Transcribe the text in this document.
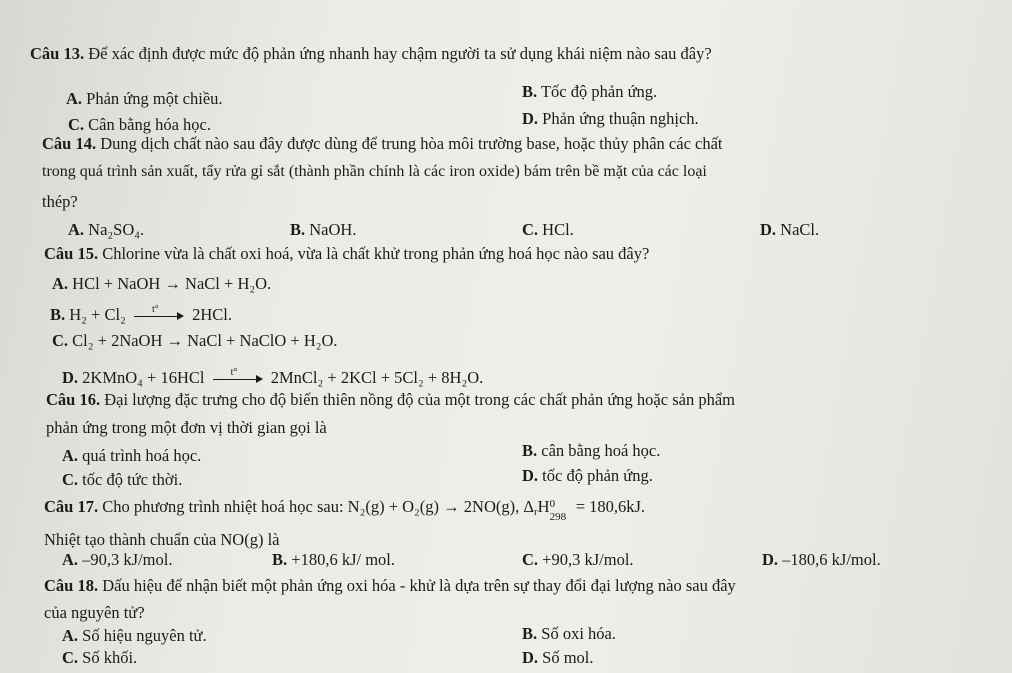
Câu 13. Để xác định được mức độ phản ứng nhanh hay chậm người ta sử dụng khái niệm nào sau đây?
A. Phản ứng một chiều.	B. Tốc độ phản ứng.
C. Cân bằng hóa học.	D. Phản ứng thuận nghịch.
Câu 14. Dung dịch chất nào sau đây được dùng để trung hòa môi trường base, hoặc thủy phân các chất
trong quá trình sản xuất, tẩy rửa gỉ sắt (thành phần chính là các iron oxide) bám trên bề mặt của các loại
thép?
A. Na₂SO₄.	B. NaOH.	C. HCl.	D. NaCl.
Câu 15. Chlorine vừa là chất oxi hoá, vừa là chất khử trong phản ứng hoá học nào sau đây?
A. HCl + NaOH → NaCl + H₂O.
B. H₂ + Cl₂	t° 2HCl.
C. Cl₂ + 2NaOH → NaCl + NaClO + H₂O.
D. 2KMnO₄ + 16HCl	t° 2MnCl₂ + 2KCl + 5Cl₂ + 8H₂O.
Câu 16. Đại lượng đặc trưng cho độ biến thiên nồng độ của một trong các chất phản ứng hoặc sản phẩm
phản ứng trong một đơn vị thời gian gọi là
A. quá trình hoá học.	B. cân bằng hoá học.
C. tốc độ tức thời.	D. tốc độ phản ứng.
Câu 17. Cho phương trình nhiệt hoá học sau: N₂(g) + O₂(g) → 2NO(g), $\Delta_rH$ 0
298
= 180,6kJ.
Nhiệt tạo thành chuẩn của NO(g) là
A. –90,3 kJ/mol.	B. +180,6 kJ/ mol.	C. +90,3 kJ/mol.	D. –180,6 kJ/mol.
Câu 18. Dấu hiệu để nhận biết một phản ứng oxi hóa - khử là dựa trên sự thay đổi đại lượng nào sau đây
của nguyên tử?
A. Số hiệu nguyên tử.	B. Số oxi hóa.
C. Số khối.	D. Số mol.
